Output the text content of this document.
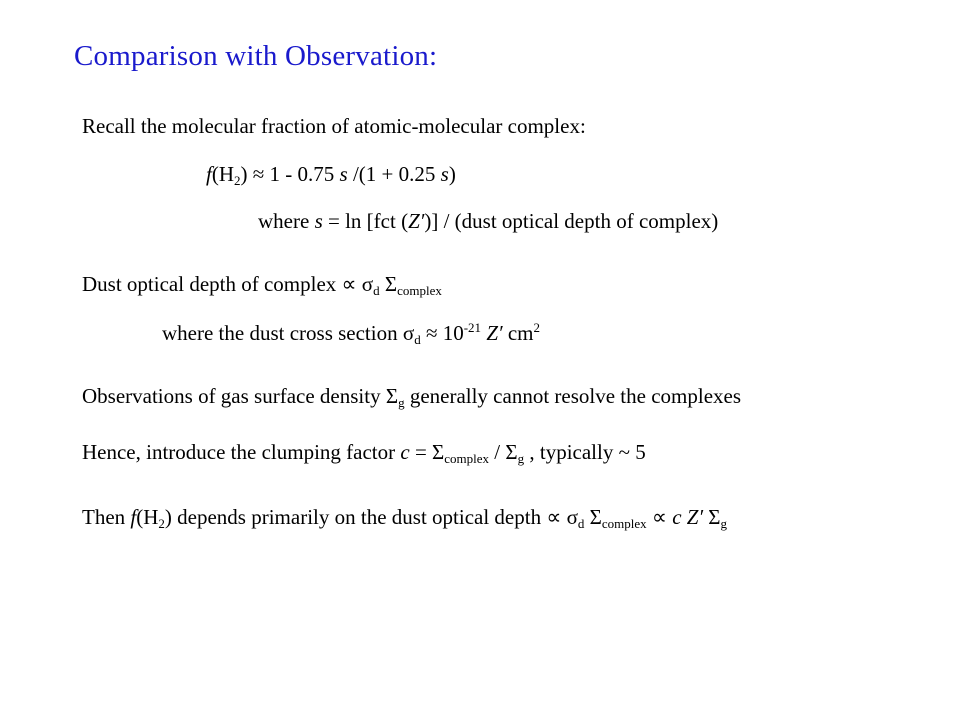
Comparison with Observation:
Recall the molecular fraction of atomic-molecular complex:
$f(H_2) \approx 1 - 0.75$ s /(1 + 0.25 s)
where s = ln [fct (Z′)] / (dust optical depth of complex)
Dust optical depth of complex ∝ $\sigma_d$ $\Sigma_{complex}$
where the dust cross section $\sigma_d \approx 10^{-21}$ Z′ $cm^2$
Observations of gas surface density $\Sigma_g$ generally cannot resolve the complexes
Hence, introduce the clumping factor $c = \Sigma_{complex} / \Sigma_g$ , typically ~ 5
Then $f(H_2)$ depends primarily on the dust optical depth ∝ $\sigma_d$ $\Sigma_{complex} \propto c$ Z′ $\Sigma_g$
